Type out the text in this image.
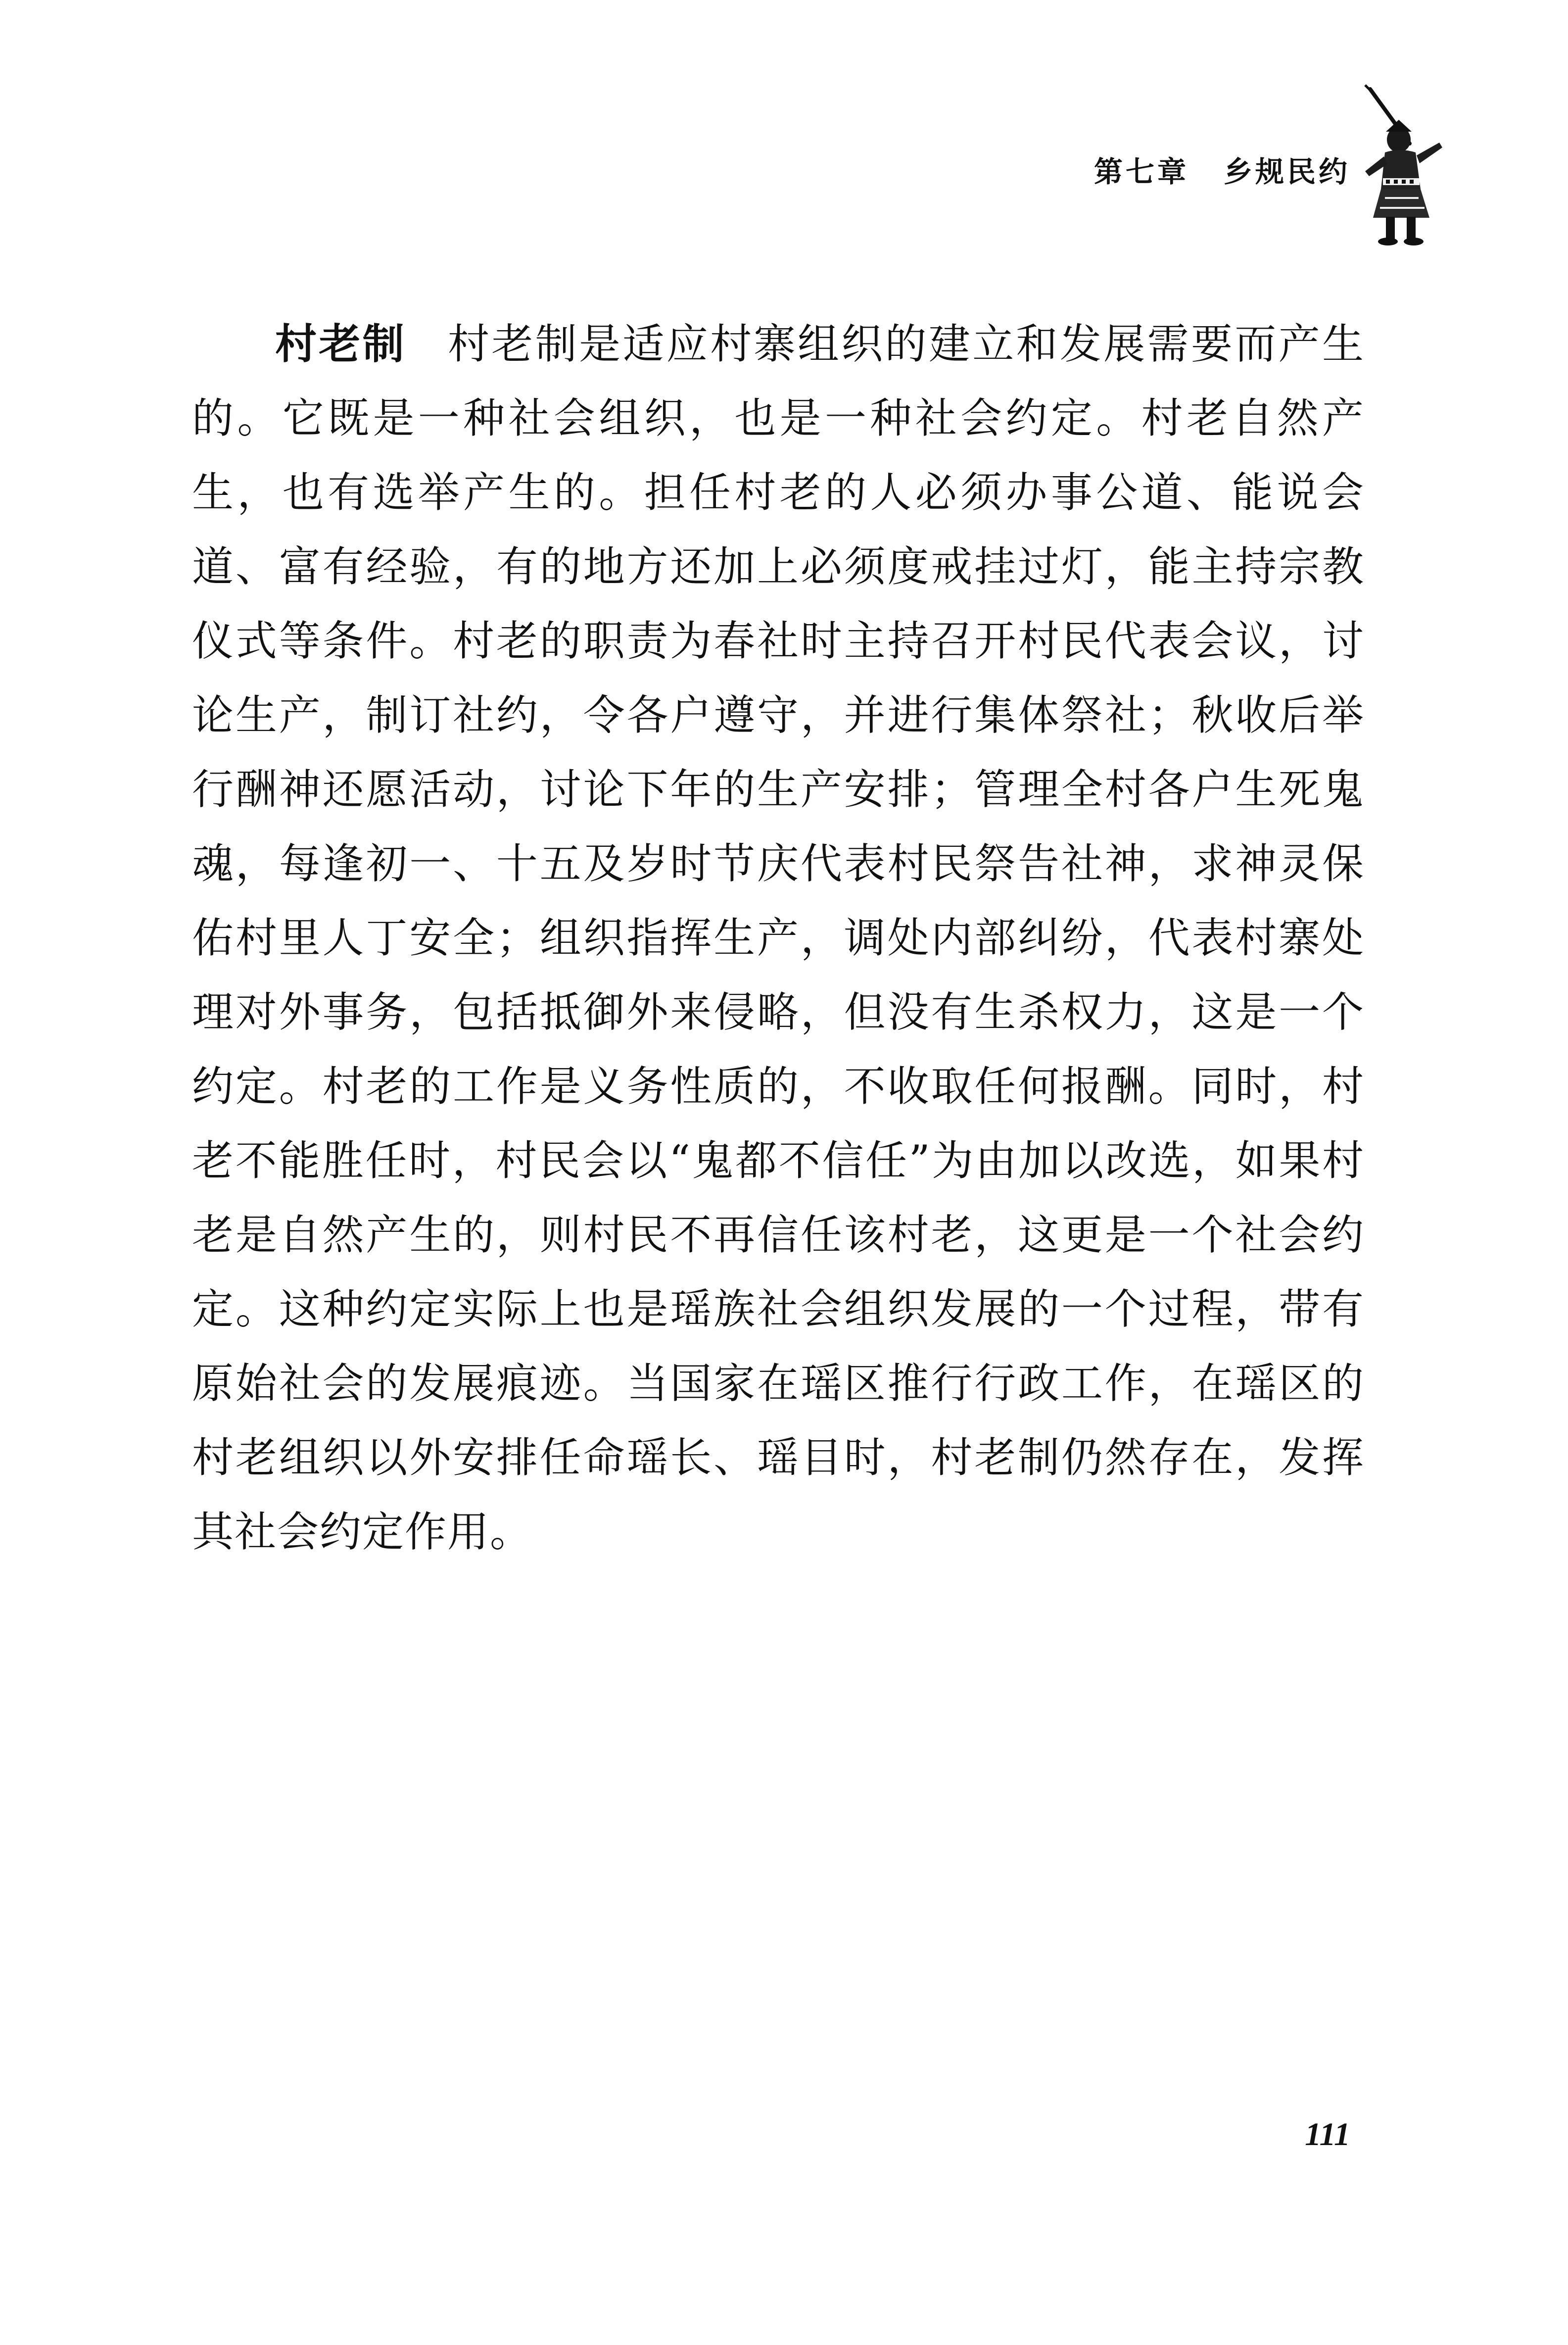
第七章 乡规民约
村老制 村老制是适应村寨组织的建立和发展需要而产生的。它既是一种社会组织，也是一种社会约定。村老自然产生，也有选举产生的。担任村老的人必须办事公道、能说会道、富有经验，有的地方还加上必须度戒挂过灯，能主持宗教仪式等条件。村老的职责为春社时主持召开村民代表会议，讨论生产，制订社约，令各户遵守，并进行集体祭社；秋收后举行酬神还愿活动，讨论下年的生产安排；管理全村各户生死鬼魂，每逢初一、十五及岁时节庆代表村民祭告社神，求神灵保佑村里人丁安全；组织指挥生产，调处内部纠纷，代表村寨处理对外事务，包括抵御外来侵略，但没有生杀权力，这是一个约定。村老的工作是义务性质的，不收取任何报酬。同时，村老不能胜任时，村民会以“鬼都不信任”为由加以改选，如果村老是自然产生的，则村民不再信任该村老，这更是一个社会约定。这种约定实际上也是瑶族社会组织发展的一个过程，带有原始社会的发展痕迹。当国家在瑶区推行行政工作，在瑶区的村老组织以外安排任命瑶长、瑶目时，村老制仍然存在，发挥其社会约定作用。
111
